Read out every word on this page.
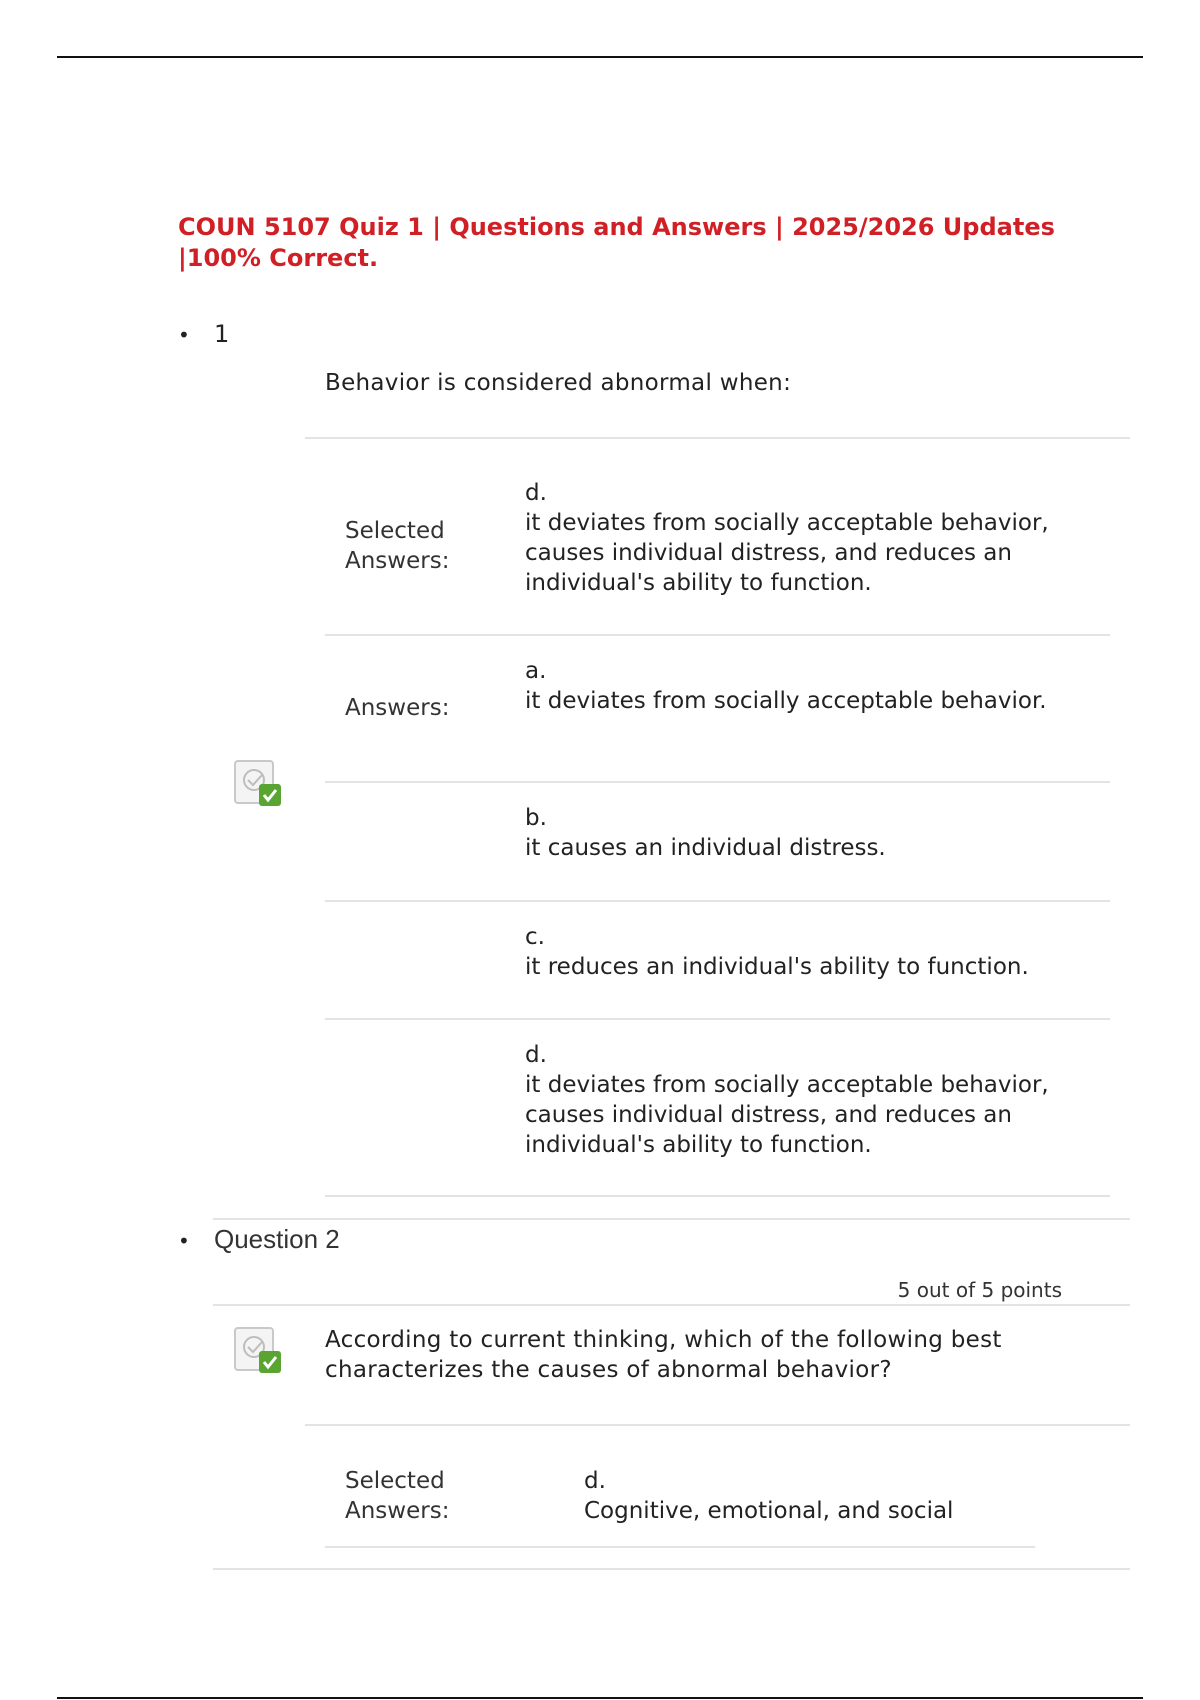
COUN 5107 Quiz 1 | Questions and Answers | 2025/2026 Updates |100% Correct.
• 1
Behavior is considered abnormal when:
Selected Answers:
d.
it deviates from socially acceptable behavior, causes individual distress, and reduces an individual's ability to function.
Answers:
a.
it deviates from socially acceptable behavior.
b.
it causes an individual distress.
c.
it reduces an individual's ability to function.
d.
it deviates from socially acceptable behavior, causes individual distress, and reduces an individual's ability to function.
• Question 2
5 out of 5 points
According to current thinking, which of the following best characterizes the causes of abnormal behavior?
Selected Answers:
d.
Cognitive, emotional, and social
